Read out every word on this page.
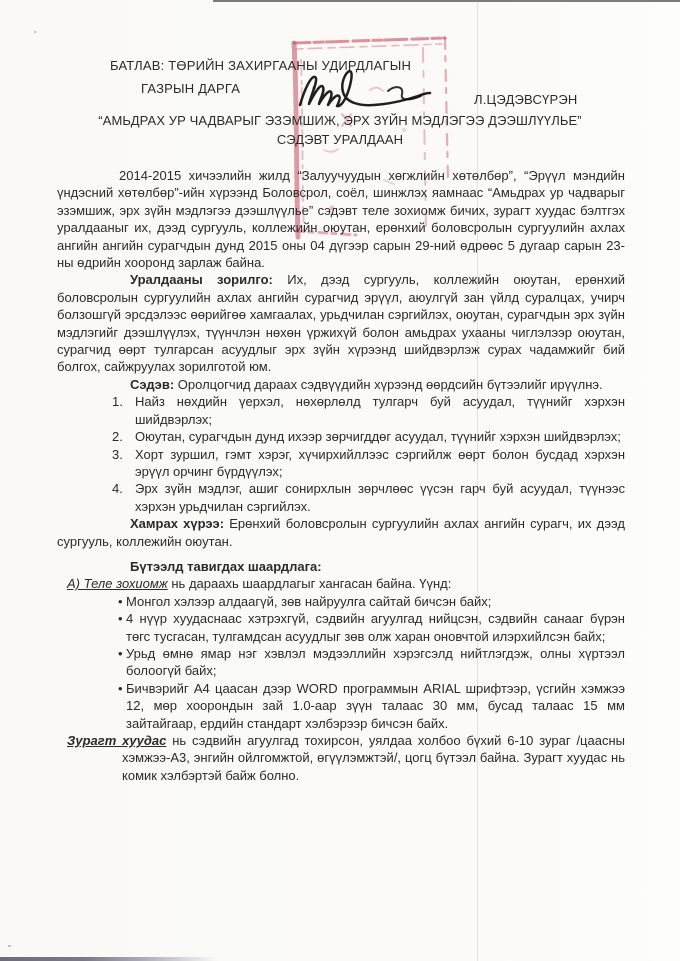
БАТЛАВ: ТӨРИЙН ЗАХИРГААНЫ УДИРДЛАГЫН
ГАЗРЫН ДАРГА
Л.ЦЭДЭВСҮРЭН
“АМЬДРАХ УР ЧАДВАРЫГ ЭЗЭМШИЖ, ЭРХ ЗҮЙН МЭДЛЭГЭЭ ДЭЭШЛҮҮЛЬЕ”
СЭДЭВТ УРАЛДААН

2014-2015 хичээлийн жилд “Залуучуудын хөгжлийн хөтөлбөр”, “Эрүүл мэндийн үндэсний хөтөлбөр”-ийн хүрээнд Боловсрол, соёл, шинжлэх яамнаас “Амьдрах ур чадварыг эзэмшиж, эрх зүйн мэдлэгээ дээшлүүлье” сэдэвт теле зохиомж бичих, зурагт хуудас бэлтгэх уралдааныг их, дээд сургууль, коллежийн оюутан, ерөнхий боловсролын сургуулийн ахлах ангийн ангийн сурагчдын дунд 2015 оны 04 дүгээр сарын 29-ний өдрөөс 5 дугаар сарын 23-ны өдрийн хооронд зарлаж байна.

Уралдааны зорилго: Их, дээд сургууль, коллежийн оюутан, ерөнхий боловсролын сургуулийн ахлах ангийн сурагчид эрүүл, аюулгүй зан үйлд суралцах, учирч болзошгүй эрсдэлээс өөрийгөө хамгаалах, урьдчилан сэргийлэх, оюутан, сурагчдын эрх зүйн мэдлэгийг дээшлүүлэх, түүнчлэн нөхөн үржихүй болон амьдрах ухааны чиглэлээр оюутан, сурагчид өөрт тулгарсан асуудлыг эрх зүйн хүрээнд шийдвэрлэж сурах чадамжийг бий болгох, сайжруулах зорилготой юм.

Сэдэв: Оролцогчид дараах сэдвүүдийн хүрээнд өөрдсийн бүтээлийг ирүүлнэ.

Найз нөхдийн үерхэл, нөхөрлөлд тулгарч буй асуудал, түүнийг хэрхэн шийдвэрлэх;
Оюутан, сурагчдын дунд ихээр зөрчигддөг асуудал, түүнийг хэрхэн шийдвэрлэх;
Хорт зуршил, гэмт хэрэг, хүчирхийллээс сэргийлж өөрт болон бусдад хэрхэн эрүүл орчинг бүрдүүлэх;
Эрх зүйн мэдлэг, ашиг сонирхлын зөрчлөөс үүсэн гарч буй асуудал, түүнээс хэрхэн урьдчилан сэргийлэх.

Хамрах хүрээ: Ерөнхий боловсролын сургуулийн ахлах ангийн сурагч, их дээд сургууль, коллежийн оюутан.

Бүтээлд тавигдах шаардлага:

А) Теле зохиомж нь дараахь шаардлагыг хангасан байна. Үүнд:

• Монгол хэлээр алдаагүй, зөв найруулга сайтай бичсэн байх;
• 4 нүүр хуудаснаас хэтрэхгүй, сэдвийн агуулгад нийцсэн, сэдвийн санааг бүрэн төгс тусгасан, тулгамдсан асуудлыг зөв олж харан оновчтой илэрхийлсэн байх;
• Урьд өмнө ямар нэг хэвлэл мэдээллийн хэрэгсэлд нийтлэгдэж, олны хүртээл болоогүй байх;
• Бичвэрийг А4 цаасан дээр WORD программын ARIAL шрифтээр, үсгийн хэмжээ 12, мөр хоорондын зай 1.0-аар зүүн талаас 30 мм, бусад талаас 15 мм зайтайгаар, ердийн стандарт хэлбэрээр бичсэн байх.

Зурагт хуудас нь сэдвийн агуулгад тохирсон, уялдаа холбоо бүхий 6-10 зураг /цаасны хэмжээ-А3, энгийн ойлгомжтой, өгүүлэмжтэй/, цогц бүтээл байна. Зурагт хуудас нь комик хэлбэртэй байж болно.
